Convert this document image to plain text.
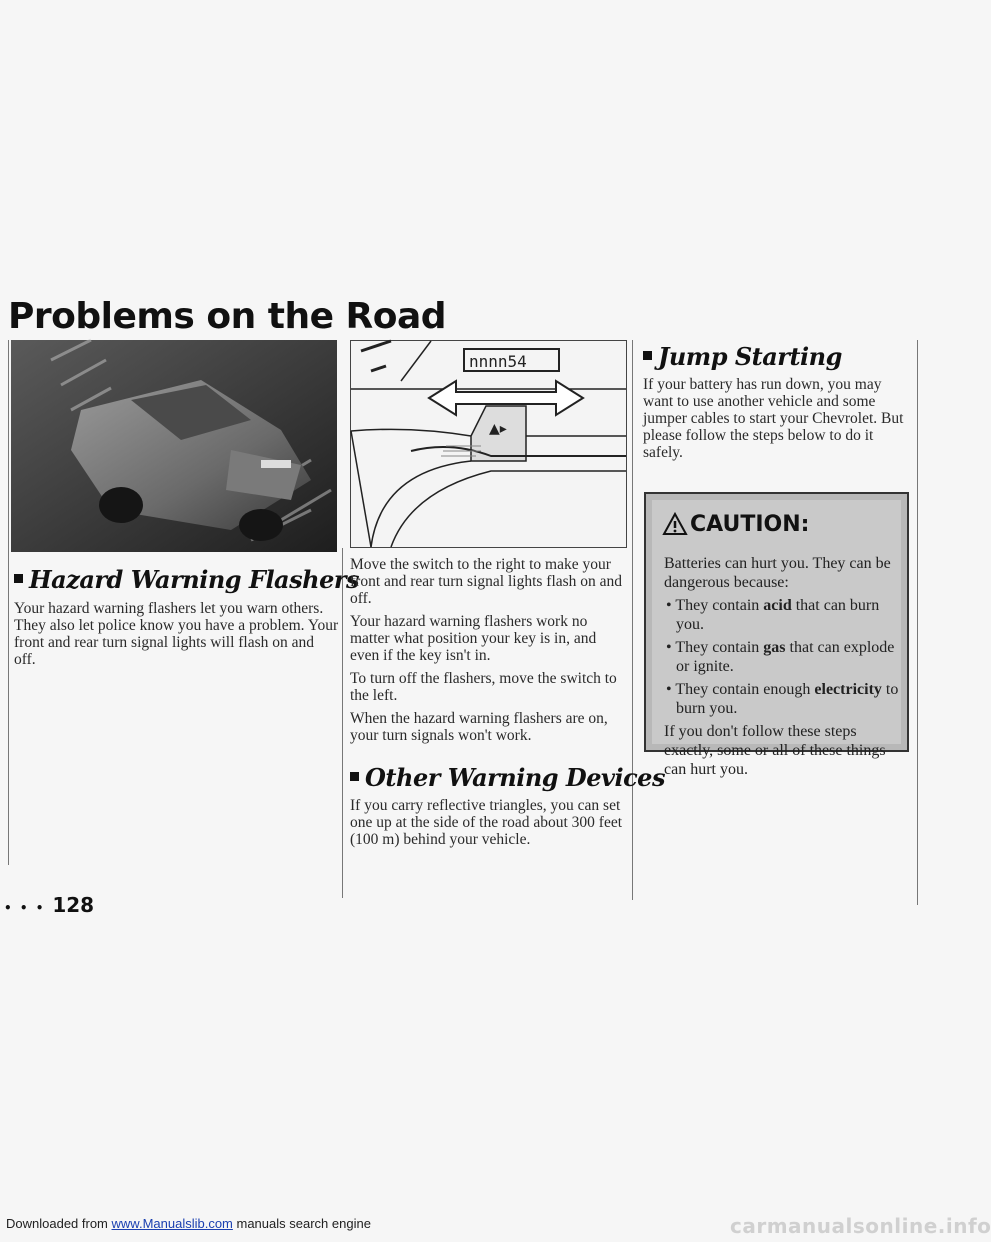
Downloaded from www.Manualslib.com manuals search engine	carmanualsonline.info
Problems on the Road
nnnn54
▲▸
Hazard Warning Flashers

Your hazard warning flashers let you warn others. They also let police know you have a problem. Your front and rear turn signal lights will flash on and off.

Move the switch to the right to make your front and rear turn signal lights flash on and off.

Your hazard warning flashers work no matter what position your key is in, and even if the key isn't in.

To turn off the flashers, move the switch to the left.

When the hazard warning flashers are on, your turn signals won't work.

Other Warning Devices

If you carry reflective triangles, you can set one up at the side of the road about 300 feet (100 m) behind your vehicle.

Jump Starting

If your battery has run down, you may want to use another vehicle and some jumper cables to start your Chevrolet. But please follow the steps below to do it safely.

CAUTION:
Batteries can hurt you. They can be dangerous because:
• They contain acid that can burn you.
• They contain gas that can explode or ignite.
• They contain enough electricity to burn you.
If you don't follow these steps exactly, some or all of these things can hurt you.
• • • 128
